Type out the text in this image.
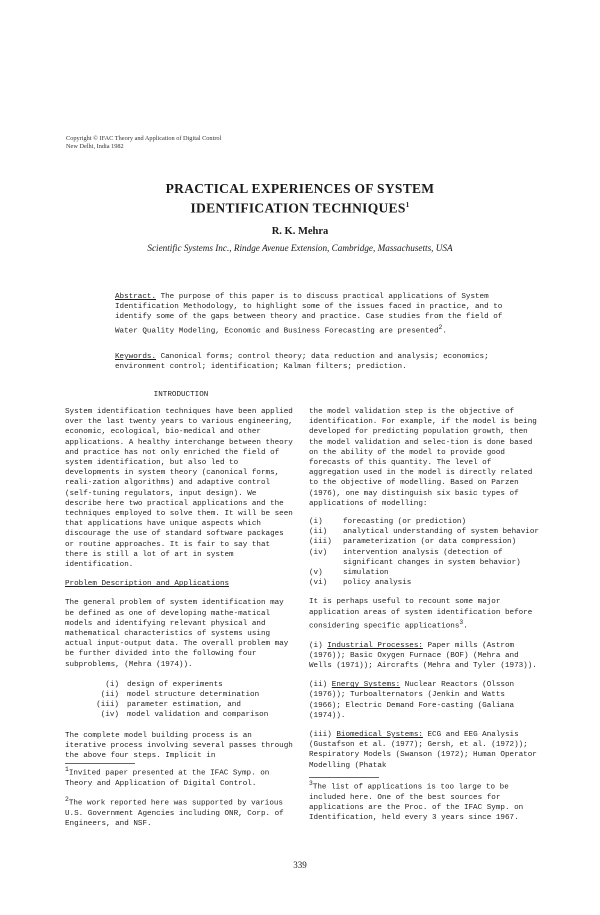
Copyright © IFAC Theory and Application of Digital Control
New Delhi, India 1982
PRACTICAL EXPERIENCES OF SYSTEM
IDENTIFICATION TECHNIQUES$^1$
R. K. Mehra
Scientific Systems Inc., Rindge Avenue Extension, Cambridge, Massachusetts, USA
Abstract. The purpose of this paper is to discuss practical applications of System Identification Methodology, to highlight some of the issues faced in practice, and to identify some of the gaps between theory and practice. Case studies from the field of Water Quality Modeling, Economic and Business Forecasting are presented$^2$.
Keywords. Canonical forms; control theory; data reduction and analysis; economics; environment control; identification; Kalman filters; prediction.
INTRODUCTION

System identification techniques have been applied over the last twenty years to various engineering, economic, ecological, bio-medical and other applications. A healthy interchange between theory and practice has not only enriched the field of system identification, but also led to developments in system theory (canonical forms, reali-zation algorithms) and adaptive control (self-tuning regulators, input design). We describe here two practical applications and the techniques employed to solve them. It will be seen that applications have unique aspects which discourage the use of standard software packages or routine approaches. It is fair to say that there is still a lot of art in system identification.

Problem Description and Applications

The general problem of system identification may be defined as one of developing mathe-matical models and identifying relevant physical and mathematical characteristics of systems using actual input-output data. The overall problem may be further divided into the following four subproblems, (Mehra (1974)).

(i) design of experiments
(ii) model structure determination
(iii) parameter estimation, and
(iv) model validation and comparison

The complete model building process is an iterative process involving several passes through the above four steps. Implicit in

$^1$Invited paper presented at the IFAC Symp. on Theory and Application of Digital Control.

$^2$The work reported here was supported by various U.S. Government Agencies including ONR, Corp. of Engineers, and NSF.

the model validation step is the objective of identification. For example, if the model is being developed for predicting population growth, then the model validation and selec-tion is done based on the ability of the model to provide good forecasts of this quantity. The level of aggregation used in the model is directly related to the objective of modelling. Based on Parzen (1976), one may distinguish six basic types of applications of modelling:

(i)	forecasting (or prediction)
(ii)	analytical understanding of system behavior
(iii) parameterization (or data compression)
(iv)	intervention analysis (detection of significant changes in system behavior)
(v)	simulation
(vi)	policy analysis

It is perhaps useful to recount some major application areas of system identification before considering specific applications$^3$.

(i) Industrial Processes: Paper mills (Astrom (1976)); Basic Oxygen Furnace (BOF) (Mehra and Wells (1971)); Aircrafts (Mehra and Tyler (1973)).

(ii) Energy Systems: Nuclear Reactors (Olsson (1976)); Turboalternators (Jenkin and Watts (1966); Electric Demand Fore-casting (Galiana (1974)).

(iii) Biomedical Systems: ECG and EEG Analysis (Gustafson et al. (1977); Gersh, et al. (1972)); Respiratory Models (Swanson (1972); Human Operator Modelling (Phatak

$^3$The list of applications is too large to be included here. One of the best sources for applications are the Proc. of the IFAC Symp. on Identification, held every 3 years since 1967.

339
